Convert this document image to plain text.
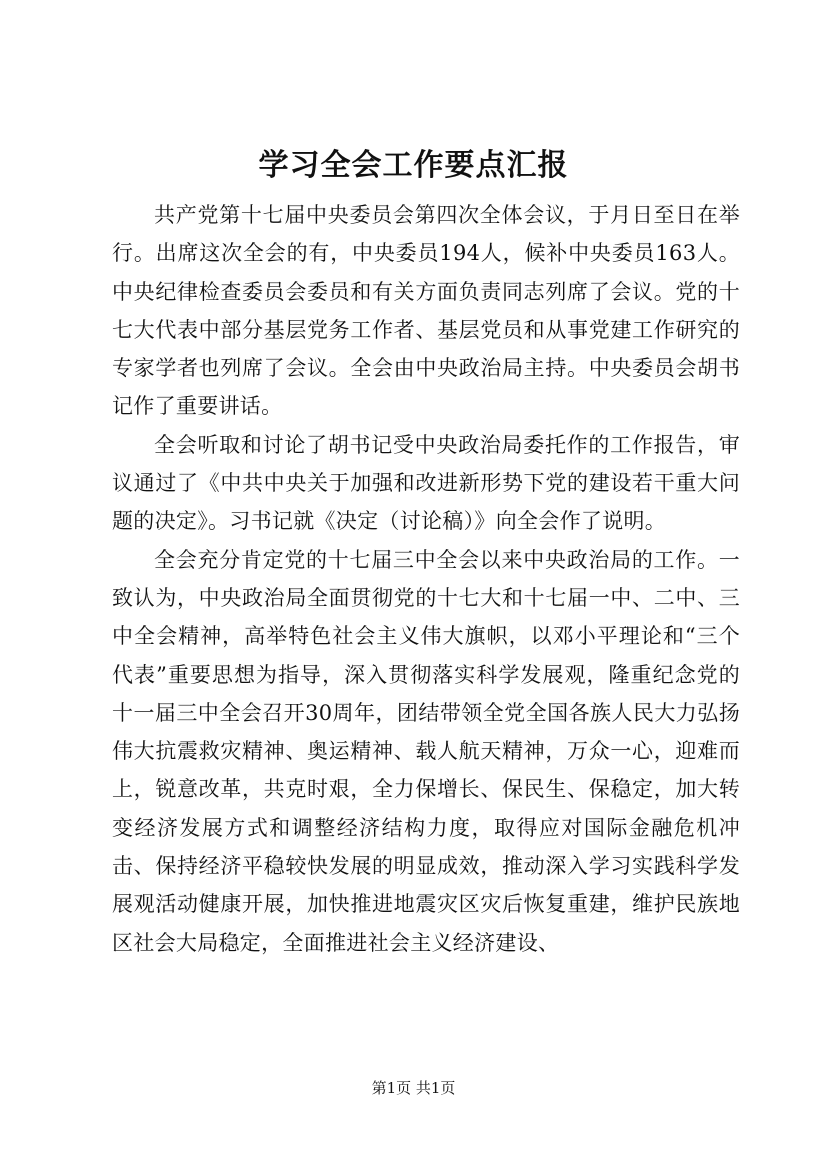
学习全会工作要点汇报

共产党第十七届中央委员会第四次全体会议，于月日至日在举行。出席这次全会的有，中央委员194人，候补中央委员163人。中央纪律检查委员会委员和有关方面负责同志列席了会议。党的十七大代表中部分基层党务工作者、基层党员和从事党建工作研究的专家学者也列席了会议。全会由中央政治局主持。中央委员会胡书记作了重要讲话。

全会听取和讨论了胡书记受中央政治局委托作的工作报告，审议通过了《中共中央关于加强和改进新形势下党的建设若干重大问题的决定》。习书记就《决定（讨论稿）》向全会作了说明。

全会充分肯定党的十七届三中全会以来中央政治局的工作。一致认为，中央政治局全面贯彻党的十七大和十七届一中、二中、三中全会精神，高举特色社会主义伟大旗帜，以邓小平理论和“三个代表”重要思想为指导，深入贯彻落实科学发展观，隆重纪念党的十一届三中全会召开30周年，团结带领全党全国各族人民大力弘扬伟大抗震救灾精神、奥运精神、载人航天精神，万众一心，迎难而上，锐意改革，共克时艰，全力保增长、保民生、保稳定，加大转变经济发展方式和调整经济结构力度，取得应对国际金融危机冲击、保持经济平稳较快发展的明显成效，推动深入学习实践科学发展观活动健康开展，加快推进地震灾区灾后恢复重建，维护民族地区社会大局稳定，全面推进社会主义经济建设、

第1页 共1页
